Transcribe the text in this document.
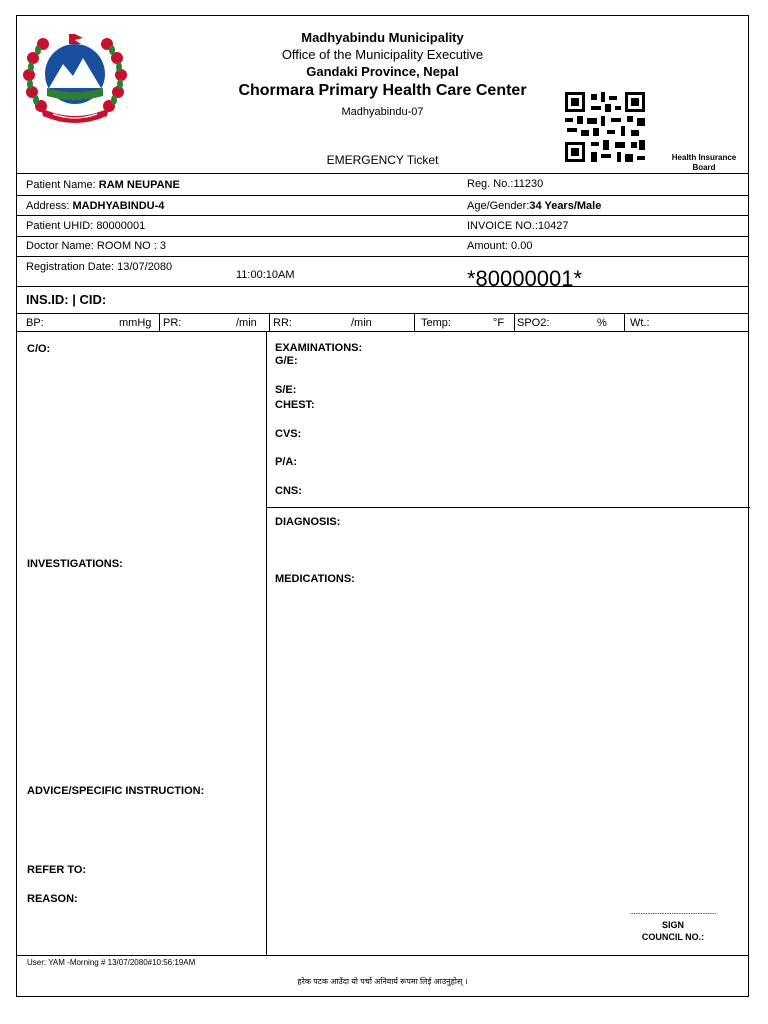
Madhyabindu Municipality
Office of the Municipality Executive
Gandaki Province, Nepal
Chormara Primary Health Care Center
Madhyabindu-07
EMERGENCY Ticket	Health Insurance
Board
Patient Name: RAM NEUPANE	Reg. No.:11230
Address: MADHYABINDU-4	Age/Gender:34 Years/Male
Patient UHID: 80000001	INVOICE NO.:10427
Doctor Name: ROOM NO : 3	Amount: 0.00
Registration Date: 13/07/2080
11:00:10AM	*80000001*
INS.ID: | CID:
BP:	mmHg PR:	/min RR:	/min	Temp:	°F SPO2:	% Wt.:
C/O:
INVESTIGATIONS:
ADVICE/SPECIFIC INSTRUCTION:
REFER TO:
REASON:
EXAMINATIONS:
G/E:
S/E:
CHEST:
CVS:
P/A:
CNS:
DIAGNOSIS:
MEDICATIONS:
..................................................
SIGN
COUNCIL NO.:
User: YAM -Morning # 13/07/2080#10:56:19AM
हरेक पटक आउँदा यो पर्चा अनिवार्य रूपमा लिई आउनुहोस् ।
